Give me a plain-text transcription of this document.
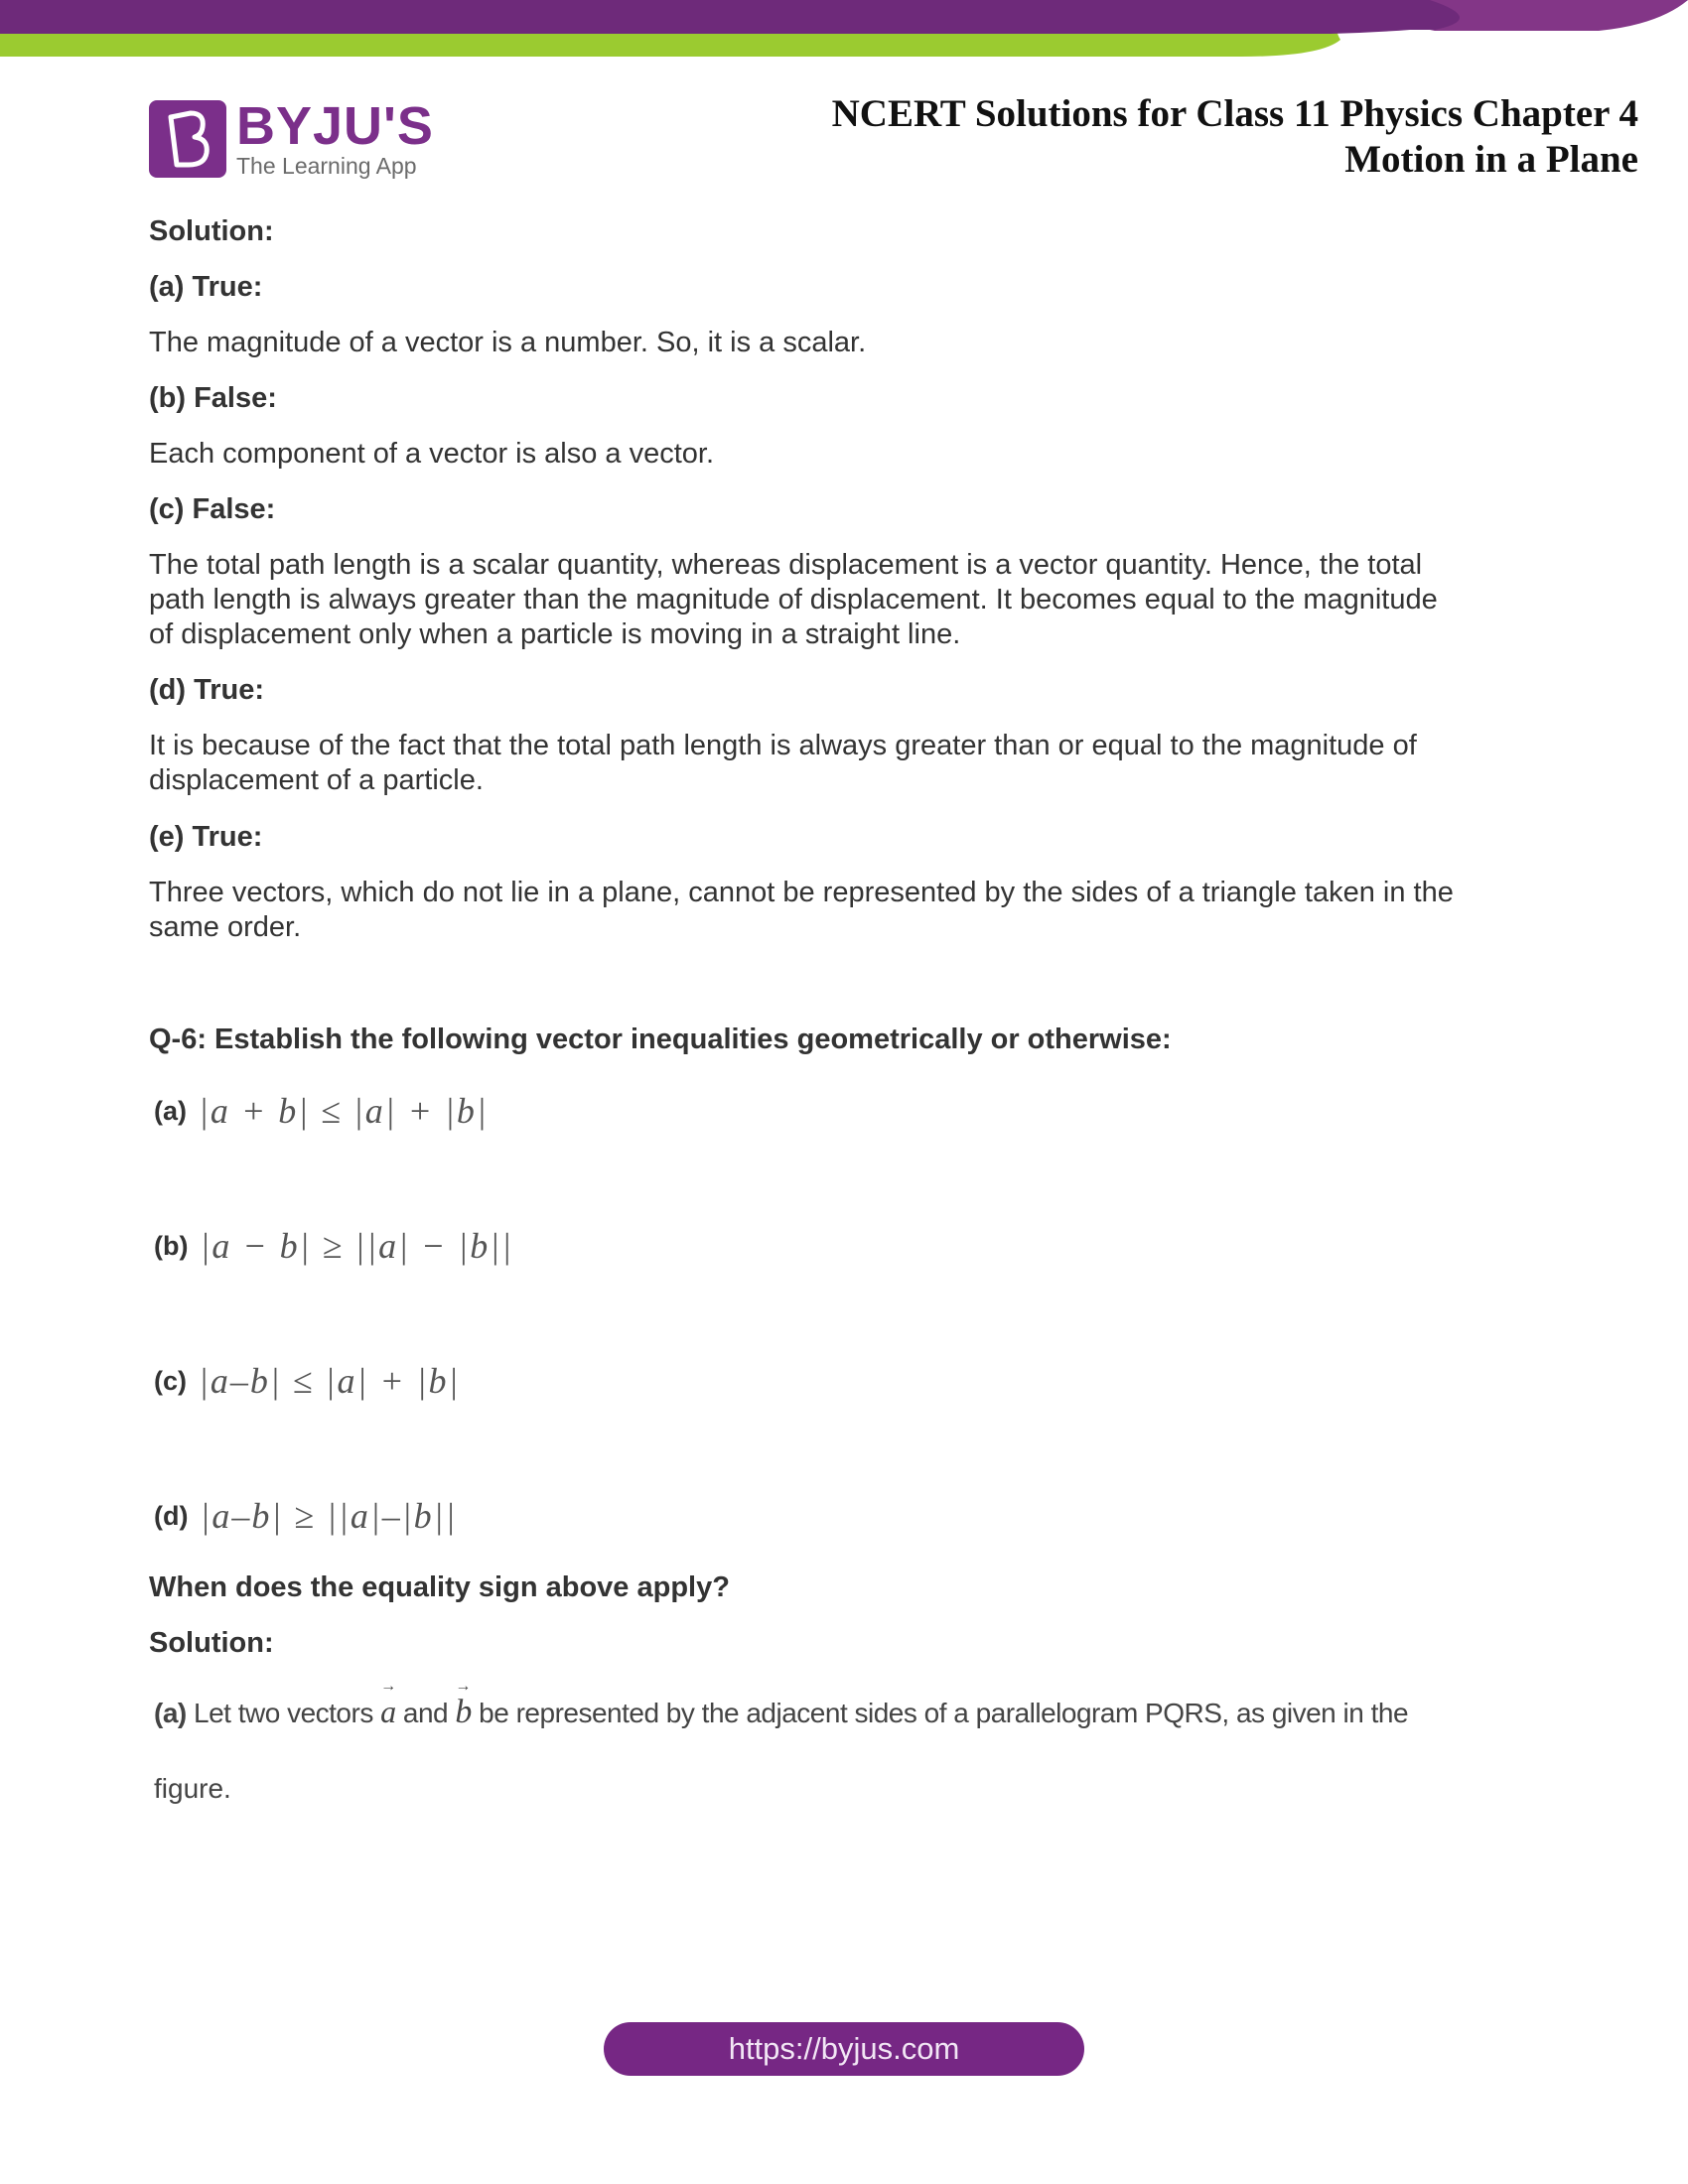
BYJU'S
The Learning App
NCERT Solutions for Class 11 Physics Chapter 4
Motion in a Plane
Solution:
(a) True:
The magnitude of a vector is a number. So, it is a scalar.
(b) False:
Each component of a vector is also a vector.
(c) False:
The total path length is a scalar quantity, whereas displacement is a vector quantity. Hence, the total
path length is always greater than the magnitude of displacement. It becomes equal to the magnitude
of displacement only when a particle is moving in a straight line.
(d) True:
It is because of the fact that the total path length is always greater than or equal to the magnitude of
displacement of a particle.
(e) True:
Three vectors, which do not lie in a plane, cannot be represented by the sides of a triangle taken in the
same order.
Q-6: Establish the following vector inequalities geometrically or otherwise:
(a) |a + b| ≤ |a| + |b|
(b) |a − b| ≥ ||a| − |b||
(c) |a–b| ≤ |a| + |b|
(d) |a–b| ≥ ||a|–|b||
When does the equality sign above apply?
Solution:
(a) Let two vectors → a and → b be represented by the adjacent sides of a parallelogram PQRS, as given in the
figure.
https://byjus.com
